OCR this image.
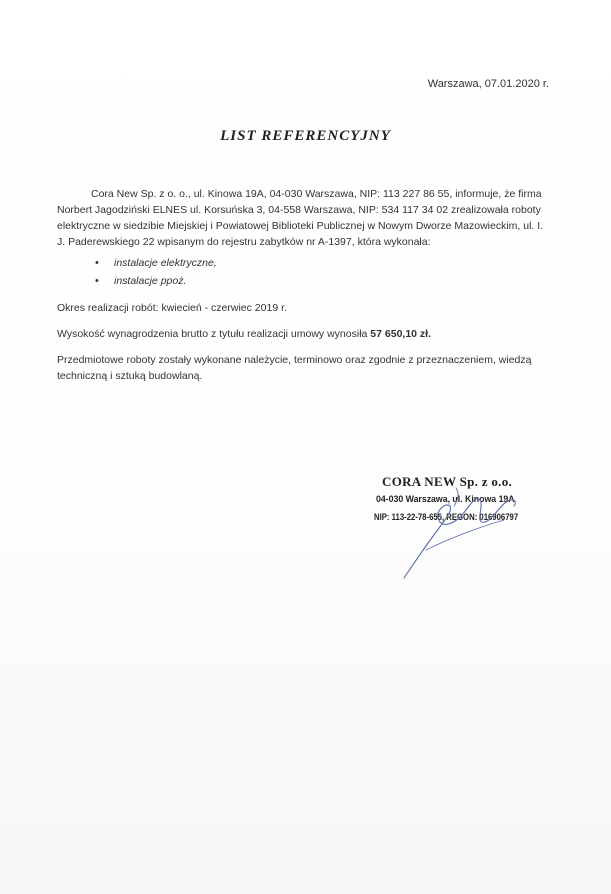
Warszawa, 07.01.2020 r.
LIST REFERENCYJNY

Cora New Sp. z o. o., ul. Kinowa 19A, 04-030 Warszawa, NIP: 113 227 86 55, informuje, że firma Norbert Jagodziński ELNES ul. Korsuńska 3, 04-558 Warszawa, NIP: 534 117 34 02 zrealizowała roboty elektryczne w siedzibie Miejskiej i Powiatowej Biblioteki Publicznej w Nowym Dworze Mazowieckim, ul. I. J. Paderewskiego 22 wpisanym do rejestru zabytków nr A-1397, która wykonała:

• instalacje elektryczne,
• instalacje ppoż.

Okres realizacji robót: kwiecień - czerwiec 2019 r.

Wysokość wynagrodzenia brutto z tytułu realizacji umowy wynosiła 57 650,10 zł.

Przedmiotowe roboty zostały wykonane należycie, terminowo oraz zgodnie z przeznaczeniem, wiedzą techniczną i sztuką budowlaną.

CORA NEW Sp. z o.o.
04-030 Warszawa, ul. Kinowa 19A
NIP: 113-22-78-655, REGON: 016906797
